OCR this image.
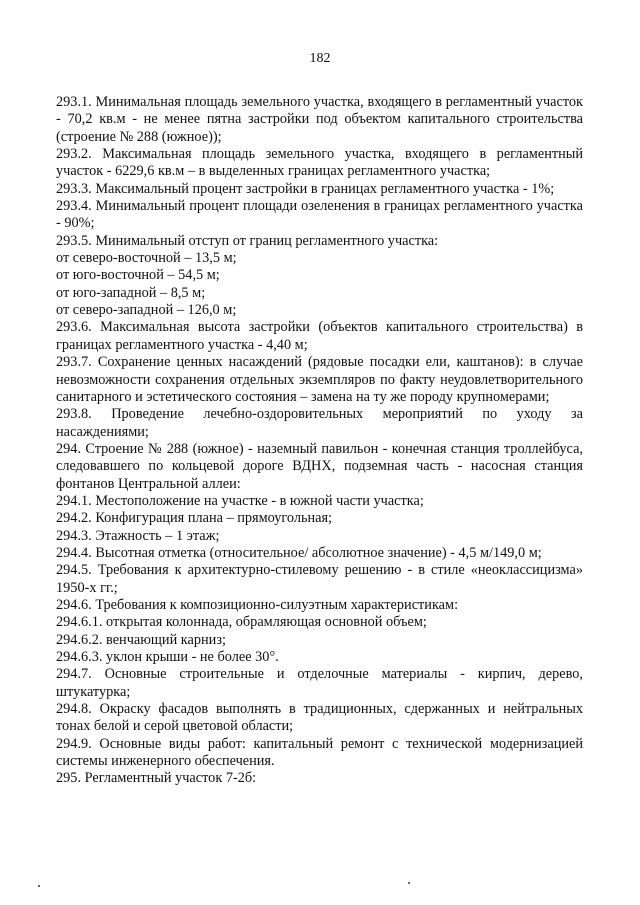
182

293.1. Минимальная площадь земельного участка, входящего в регламентный участок - 70,2 кв.м - не менее пятна застройки под объектом капитального строительства (строение № 288 (южное));

293.2. Максимальная площадь земельного участка, входящего в регламентный участок - 6229,6 кв.м – в выделенных границах регламентного участка;

293.3. Максимальный процент застройки в границах регламентного участка - 1%;

293.4. Минимальный процент площади озеленения в границах регламентного участка - 90%;

293.5. Минимальный отступ от границ регламентного участка:

от северо-восточной – 13,5 м;

от юго-восточной – 54,5 м;

от юго-западной – 8,5 м;

от северо-западной – 126,0 м;

293.6. Максимальная высота застройки (объектов капитального строительства) в границах регламентного участка - 4,40 м;

293.7. Сохранение ценных насаждений (рядовые посадки ели, каштанов): в случае невозможности сохранения отдельных экземпляров по факту неудовлетворительного санитарного и эстетического состояния – замена на ту же породу крупномерами;

293.8. Проведение лечебно-оздоровительных мероприятий по уходу за насаждениями;

294. Строение № 288 (южное) - наземный павильон - конечная станция троллейбуса, следовавшего по кольцевой дороге ВДНХ, подземная часть - насосная станция фонтанов Центральной аллеи:

294.1. Местоположение на участке - в южной части участка;

294.2. Конфигурация плана – прямоугольная;

294.3. Этажность – 1 этаж;

294.4. Высотная отметка (относительное/ абсолютное значение) - 4,5 м/149,0 м;

294.5. Требования к архитектурно-стилевому решению - в стиле «неоклассицизма» 1950-х гг.;

294.6. Требования к композиционно-силуэтным характеристикам:

294.6.1. открытая колоннада, обрамляющая основной объем;

294.6.2. венчающий карниз;

294.6.3. уклон крыши - не более 30°.

294.7. Основные строительные и отделочные материалы - кирпич, дерево, штукатурка;

294.8. Окраску фасадов выполнять в традиционных, сдержанных и нейтральных тонах белой и серой цветовой области;

294.9. Основные виды работ: капитальный ремонт с технической модернизацией системы инженерного обеспечения.

295. Регламентный участок 7-2б:
